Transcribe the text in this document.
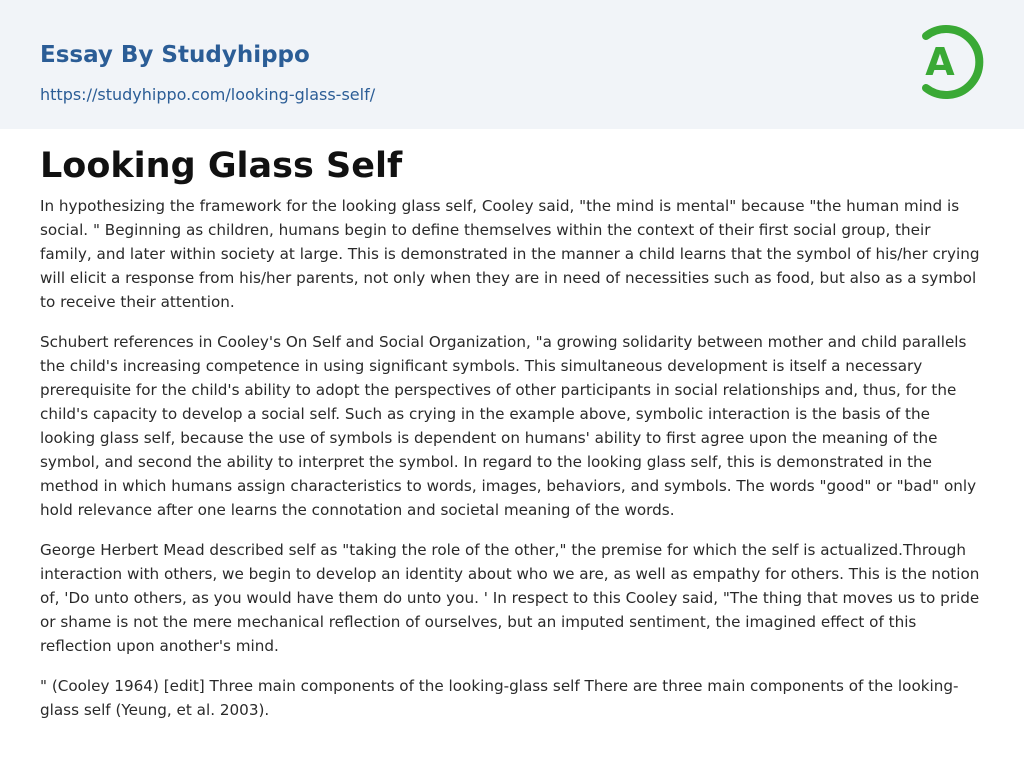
Essay By Studyhippo
https://studyhippo.com/looking-glass-self/
A
Looking Glass Self

In hypothesizing the framework for the looking glass self, Cooley said, "the mind is mental" because "the human mind is social. " Beginning as children, humans begin to define themselves within the context of their first social group, their family, and later within society at large. This is demonstrated in the manner a child learns that the symbol of his/her crying will elicit a response from his/her parents, not only when they are in need of necessities such as food, but also as a symbol to receive their attention.

Schubert references in Cooley's On Self and Social Organization, "a growing solidarity between mother and child parallels the child's increasing competence in using significant symbols. This simultaneous development is itself a necessary prerequisite for the child's ability to adopt the perspectives of other participants in social relationships and, thus, for the child's capacity to develop a social self. Such as crying in the example above, symbolic interaction is the basis of the looking glass self, because the use of symbols is dependent on humans' ability to first agree upon the meaning of the symbol, and second the ability to interpret the symbol. In regard to the looking glass self, this is demonstrated in the method in which humans assign characteristics to words, images, behaviors, and symbols. The words "good" or "bad" only hold relevance after one learns the connotation and societal meaning of the words.

George Herbert Mead described self as "taking the role of the other," the premise for which the self is actualized.Through interaction with others, we begin to develop an identity about who we are, as well as empathy for others. This is the notion of, 'Do unto others, as you would have them do unto you. ' In respect to this Cooley said, "The thing that moves us to pride or shame is not the mere mechanical reflection of ourselves, but an imputed sentiment, the imagined effect of this reflection upon another's mind.

" (Cooley 1964) [edit] Three main components of the looking-glass self There are three main components of the looking-glass self (Yeung, et al. 2003).
